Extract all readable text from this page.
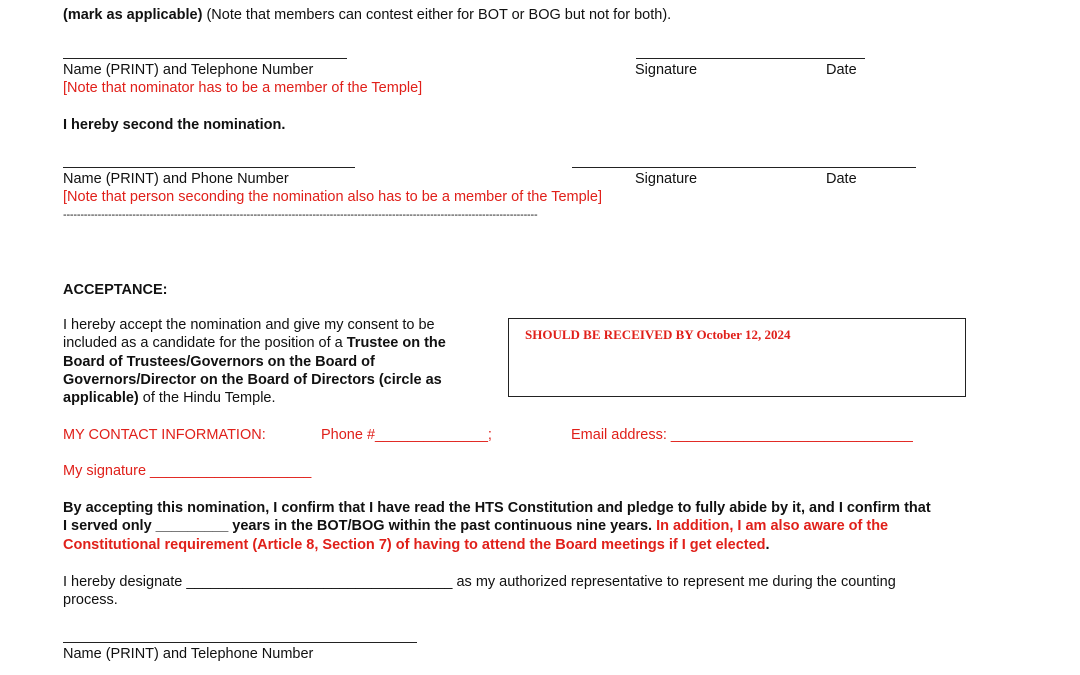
(mark as applicable) (Note that members can contest either for BOT or BOG but not for both).
Name (PRINT) and Telephone Number	Signature	Date
[Note that nominator has to be a member of the Temple]
I hereby second the nomination.
Name (PRINT) and Phone Number	Signature	Date
[Note that person seconding the nomination also has to be a member of the Temple]
-----------------------------------------------------------------------------------------------------------------------------------------
ACCEPTANCE:
I hereby accept the nomination and give my consent to be
included as a candidate for the position of a Trustee on the
Board of Trustees/Governors on the Board of
Governors/Director on the Board of Directors (circle as
applicable) of the Hindu Temple.
SHOULD BE RECEIVED BY October 12, 2024
MY CONTACT INFORMATION:	Phone #______________;	Email address: ______________________________
My signature ____________________
By accepting this nomination, I confirm that I have read the HTS Constitution and pledge to fully abide by it, and I confirm that
I served only _________ years in the BOT/BOG within the past continuous nine years. In addition, I am also aware of the
Constitutional requirement (Article 8, Section 7) of having to attend the Board meetings if I get elected.
I hereby designate _________________________________ as my authorized representative to represent me during the counting
process.
Name (PRINT) and Telephone Number
